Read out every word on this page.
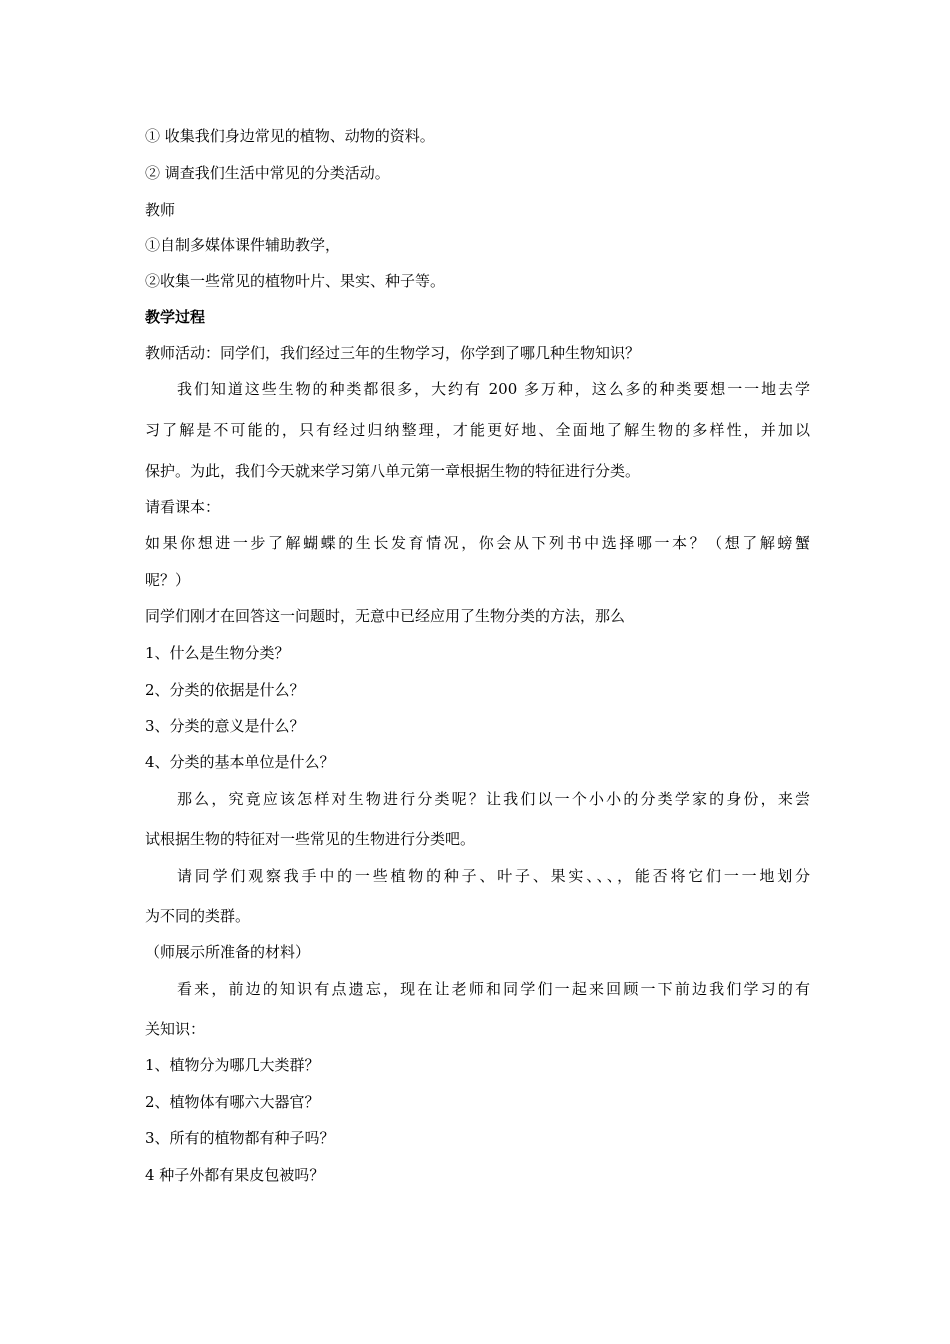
① 收集我们身边常见的植物、动物的资料。
② 调查我们生活中常见的分类活动。
教师
①自制多媒体课件辅助教学，
②收集一些常见的植物叶片、果实、种子等。
教学过程
教师活动：同学们，我们经过三年的生物学习，你学到了哪几种生物知识？
我们知道这些生物的种类都很多，大约有 200 多万种，这么多的种类要想一一地去学
习了解是不可能的，只有经过归纳整理，才能更好地、全面地了解生物的多样性，并加以
保护。为此，我们今天就来学习第八单元第一章根据生物的特征进行分类。
请看课本：
如果你想进一步了解蝴蝶的生长发育情况，你会从下列书中选择哪一本？（想了解螃蟹
呢？）
同学们刚才在回答这一问题时，无意中已经应用了生物分类的方法，那么
1、什么是生物分类？
2、分类的依据是什么？
3、分类的意义是什么？
4、分类的基本单位是什么？
那么，究竟应该怎样对生物进行分类呢？让我们以一个小小的分类学家的身份，来尝
试根据生物的特征对一些常见的生物进行分类吧。
请同学们观察我手中的一些植物的种子、叶子、果实、、、，能否将它们一一地划分
为不同的类群。
（师展示所准备的材料）
看来，前边的知识有点遗忘，现在让老师和同学们一起来回顾一下前边我们学习的有
关知识：
1、植物分为哪几大类群？
2、植物体有哪六大器官？
3、所有的植物都有种子吗？
4 种子外都有果皮包被吗？
